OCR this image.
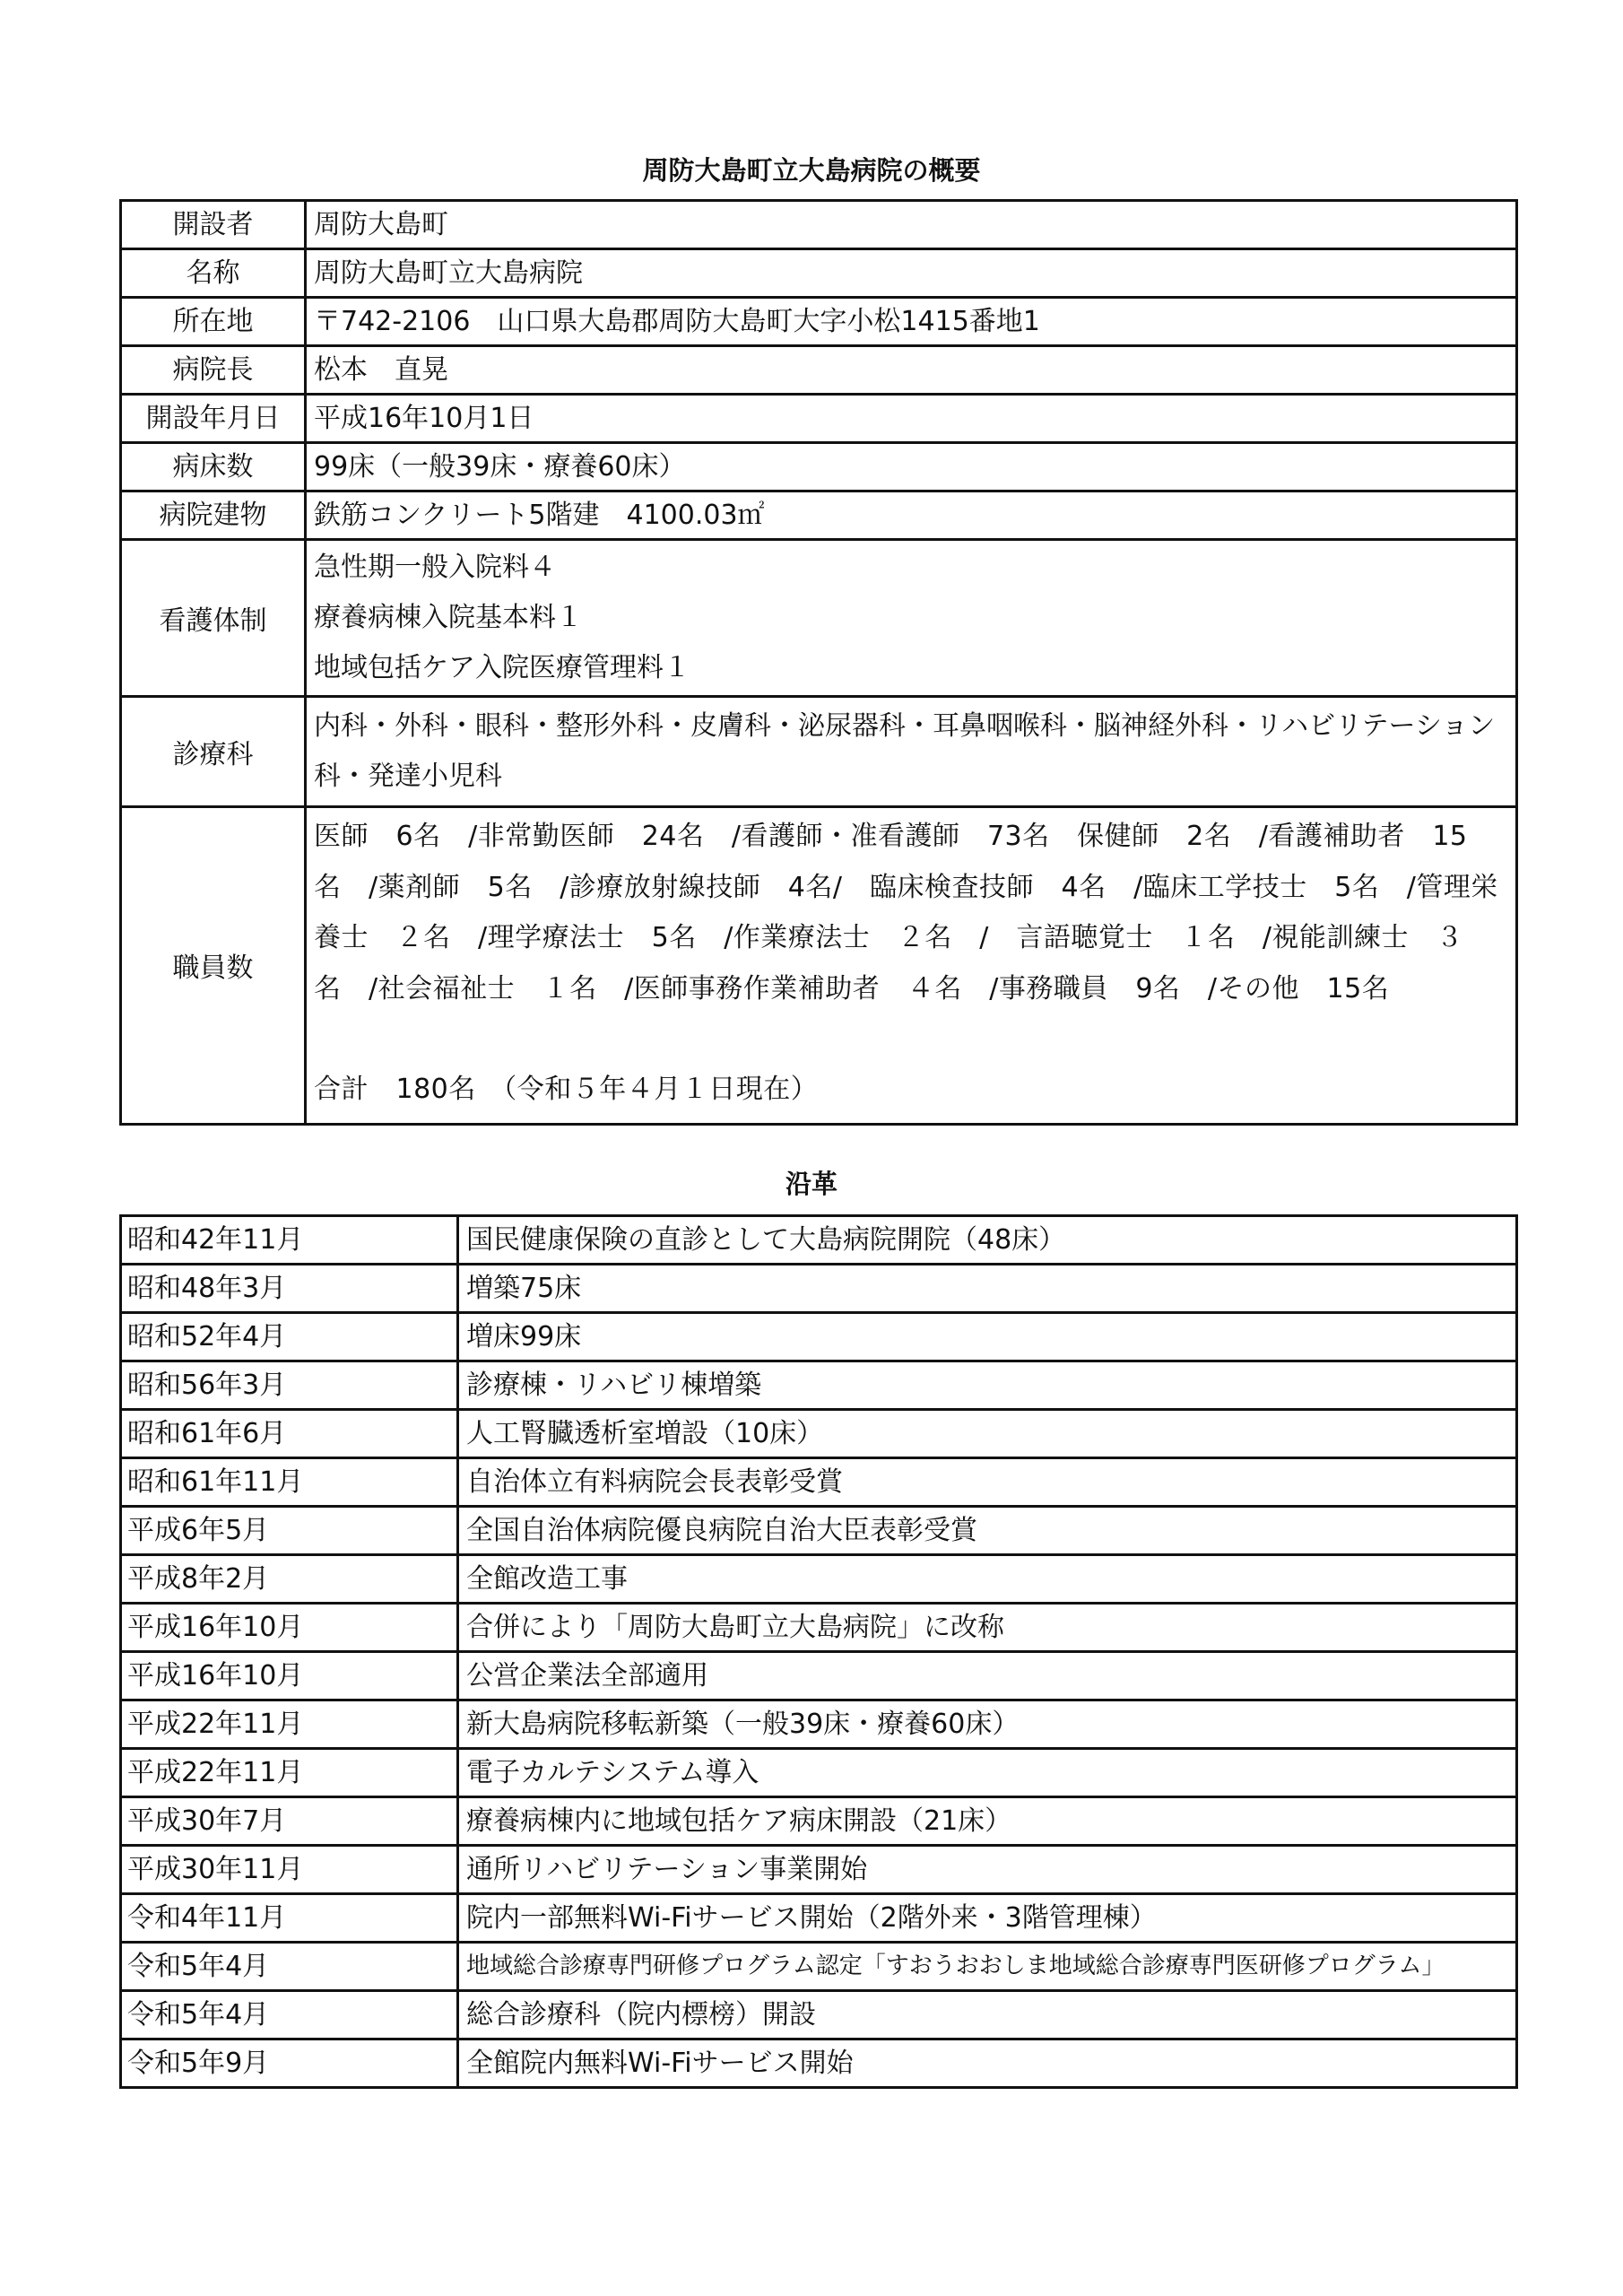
周防大島町立大島病院の概要
開設者	周防大島町
名称	周防大島町立大島病院
所在地	〒742-2106　山口県大島郡周防大島町大字小松1415番地1
病院長	松本　直晃
開設年月日	平成16年10月1日
病床数	99床（一般39床・療養60床）
病院建物	鉄筋コンクリート5階建　4100.03㎡
看護体制	急性期一般入院料４
療養病棟入院基本料１
地域包括ケア入院医療管理料１

診療科	内科・外科・眼科・整形外科・皮膚科・泌尿器科・耳鼻咽喉科・脳神経外科・リハビリテーション科・発達小児科

職員数	医師　6名　/非常勤医師　24名　/看護師・准看護師　73名　保健師　2名　/看護補助者　15名　/薬剤師　5名　/診療放射線技師　4名/　臨床検査技師　4名　/臨床工学技士　5名　/管理栄養士　２名　/理学療法士　5名　/作業療法士　２名　/　言語聴覚士　１名　/視能訓練士　３名　/社会福祉士　１名　/医師事務作業補助者　４名　/事務職員　9名　/その他　15名
合計　180名　（令和５年４月１日現在）
沿革
昭和42年11月	国民健康保険の直診として大島病院開院（48床）
昭和48年3月	増築75床
昭和52年4月	増床99床
昭和56年3月	診療棟・リハビリ棟増築
昭和61年6月	人工腎臓透析室増設（10床）
昭和61年11月	自治体立有料病院会長表彰受賞
平成6年5月	全国自治体病院優良病院自治大臣表彰受賞
平成8年2月	全館改造工事
平成16年10月	合併により「周防大島町立大島病院」に改称
平成16年10月	公営企業法全部適用
平成22年11月	新大島病院移転新築（一般39床・療養60床）
平成22年11月	電子カルテシステム導入
平成30年7月	療養病棟内に地域包括ケア病床開設（21床）
平成30年11月	通所リハビリテーション事業開始
令和4年11月	院内一部無料Wi-Fiサービス開始（2階外来・3階管理棟）
令和5年4月	地域総合診療専門研修プログラム認定「すおうおおしま地域総合診療専門医研修プログラム」
令和5年4月	総合診療科（院内標榜）開設
令和5年9月	全館院内無料Wi-Fiサービス開始
